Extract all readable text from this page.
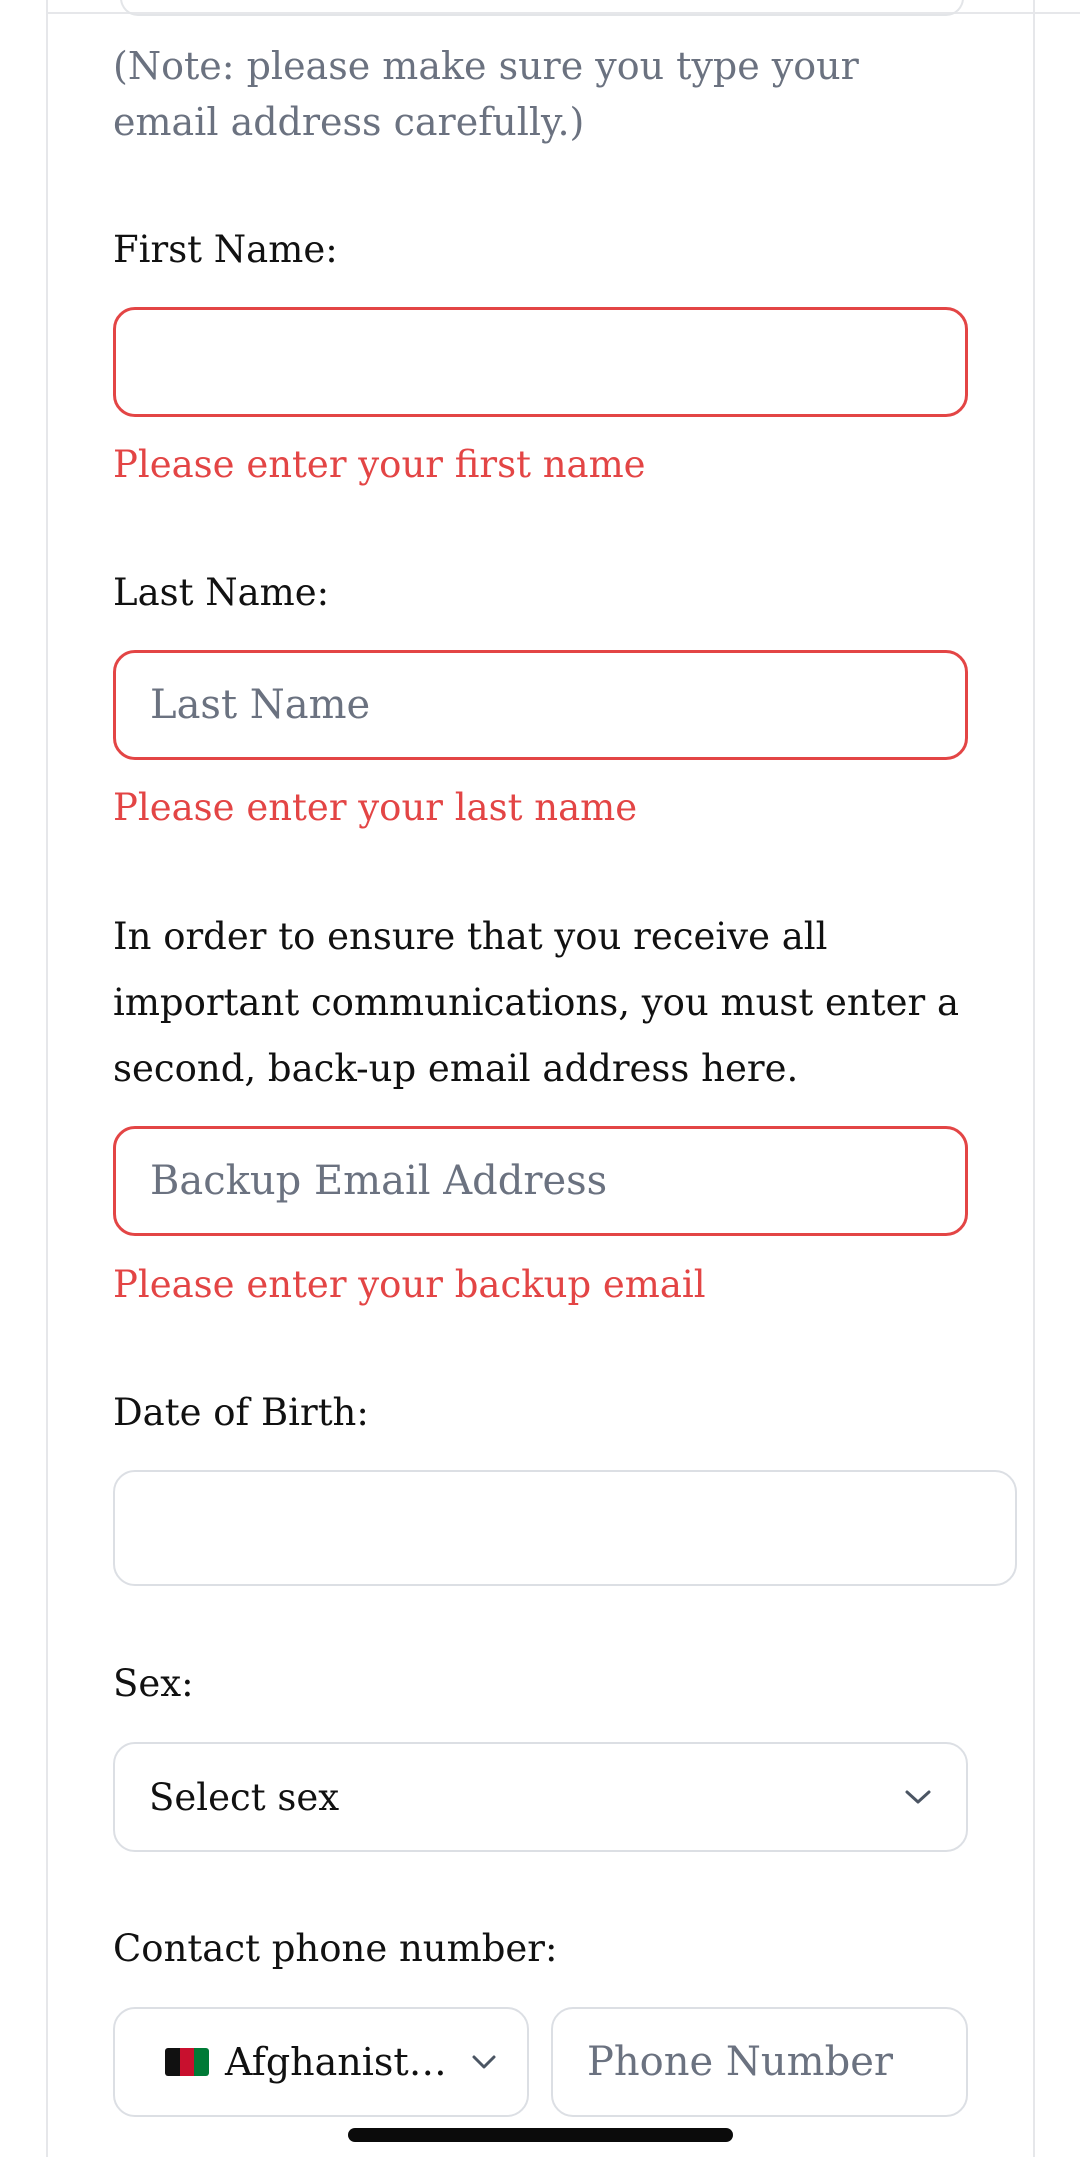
(Note: please make sure you type your email address carefully.)
First Name:
Please enter your first name
Last Name:
Last Name
Please enter your last name
In order to ensure that you receive all important communications, you must enter a second, back-up email address here.
Backup Email Address
Please enter your backup email
Date of Birth:
Sex:
Select sex
Contact phone number:
Afghanist…
Phone Number
